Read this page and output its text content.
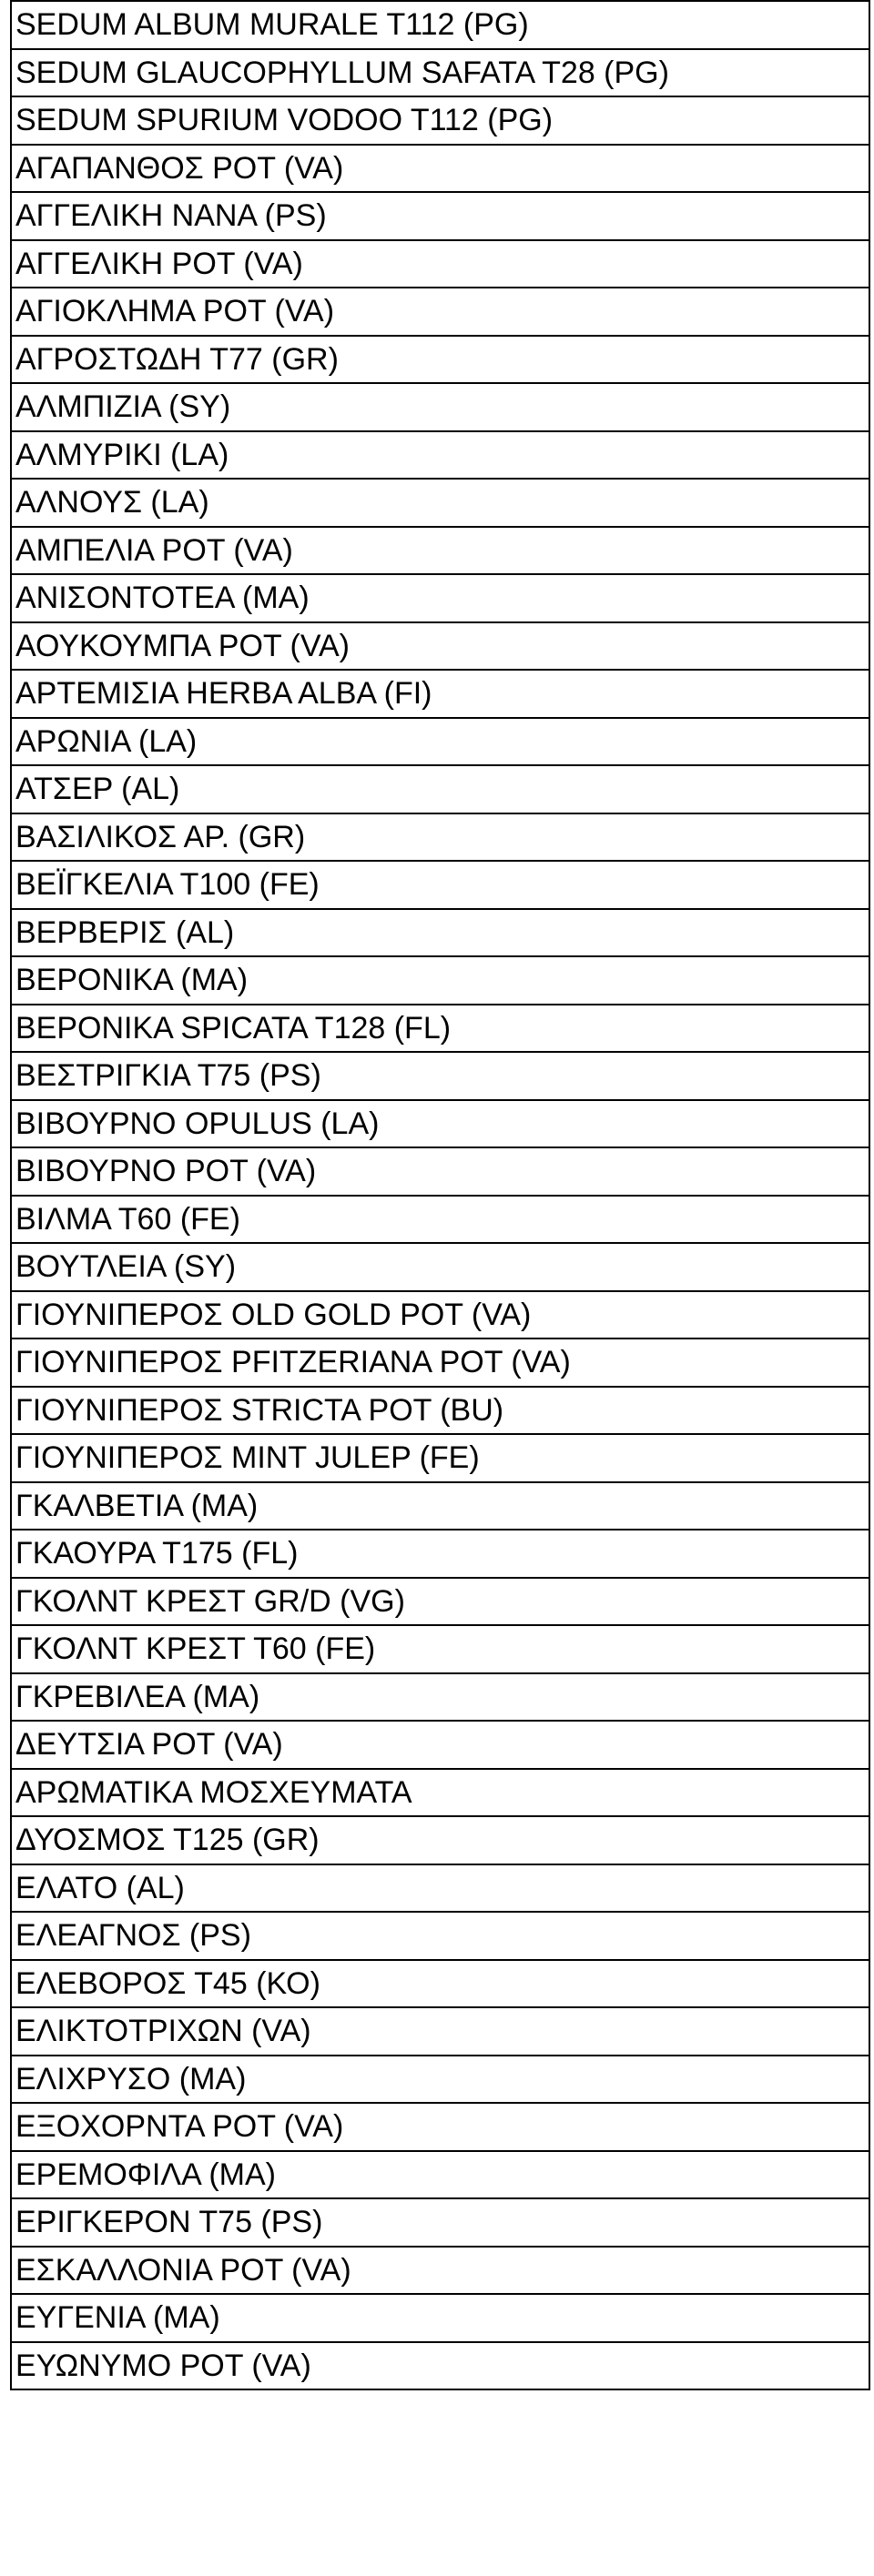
SEDUM ALBUM MURALE T112 (PG)
SEDUM GLAUCOPHYLLUM SAFATA T28 (PG)
SEDUM SPURIUM VODOO T112 (PG)
ΑΓΑΠΑΝΘΟΣ POT (VA)
ΑΓΓΕΛΙΚΗ ΝΑΝΑ (PS)
ΑΓΓΕΛΙΚΗ POT (VA)
ΑΓΙΟΚΛΗΜΑ POT (VA)
ΑΓΡΟΣΤΩΔΗ Τ77 (GR)
ΑΛΜΠΙΖΙΑ (SY)
ΑΛΜΥΡΙΚΙ (LA)
ΑΛΝΟΥΣ (LA)
ΑΜΠΕΛΙΑ POT (VA)
ΑΝΙΣΟΝΤΟΤΕΑ (MA)
ΑΟΥΚΟΥΜΠΑ POT (VA)
ΑΡΤΕΜΙΣΙΑ HERBA ALBA (FI)
ΑΡΩΝΙΑ (LA)
ΑΤΣΕΡ (AL)
ΒΑΣΙΛΙΚΟΣ ΑΡ. (GR)
ΒΕΪΓΚΕΛΙΑ Τ100 (FE)
ΒΕΡΒΕΡΙΣ (AL)
ΒΕΡΟΝΙΚΑ (MA)
ΒΕΡΟΝΙΚΑ SPICATA T128 (FL)
ΒΕΣΤΡΙΓΚΙΑ Τ75 (PS)
ΒΙΒΟΥΡΝΟ OPULUS (LA)
ΒΙΒΟΥΡΝΟ POT (VA)
ΒΙΛΜΑ Τ60 (FE)
ΒΟΥΤΛΕΙΑ (SY)
ΓΙΟΥΝΙΠΕΡΟΣ OLD GOLD POT (VA)
ΓΙΟΥΝΙΠΕΡΟΣ PFITZERIANA POT (VA)
ΓΙΟΥΝΙΠΕΡΟΣ STRICTA POT (BU)
ΓΙΟΥΝΙΠΕΡΟΣ MINT JULEP (FE)
ΓΚΑΛΒΕΤΙΑ (MA)
ΓΚΑΟΥΡΑ Τ175 (FL)
ΓΚΟΛΝΤ ΚΡΕΣΤ GR/D (VG)
ΓΚΟΛΝΤ ΚΡΕΣΤ Τ60 (FE)
ΓΚΡΕΒΙΛΕΑ (MA)
ΔΕΥΤΣΙΑ POT (VA)
ΑΡΩΜΑΤΙΚΑ ΜΟΣΧΕΥΜΑΤΑ
ΔΥΟΣΜΟΣ Τ125 (GR)
ΕΛΑΤΟ (AL)
ΕΛΕΑΓΝΟΣ (PS)
ΕΛΕΒΟΡΟΣ Τ45 (ΚΟ)
ΕΛΙΚΤΟΤΡΙΧΩΝ (VA)
ΕΛΙΧΡΥΣΟ (MA)
ΕΞΟΧΟΡΝΤΑ POT (VA)
ΕΡΕΜΟΦΙΛΑ (MA)
ΕΡΙΓΚΕΡΟΝ Τ75 (PS)
ΕΣΚΑΛΛΟΝΙΑ POT (VA)
ΕΥΓΕΝΙΑ (MA)
ΕΥΩΝΥΜΟ POT (VA)
